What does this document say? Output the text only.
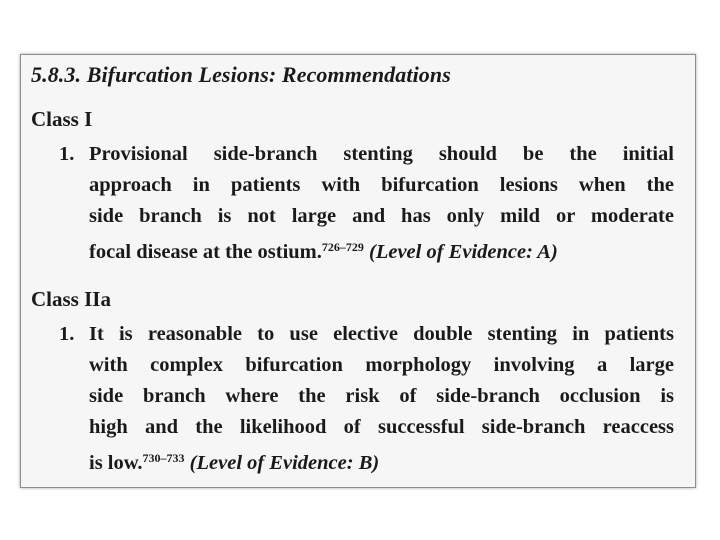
5.8.3. Bifurcation Lesions: Recommendations
Class I
1. Provisional side-branch stenting should be the initial
approach in patients with bifurcation lesions when the
side branch is not large and has only mild or moderate
focal disease at the ostium.$^{726-729}$ (Level of Evidence: A)
Class IIa
1. It is reasonable to use elective double stenting in patients
with complex bifurcation morphology involving a large
side branch where the risk of side-branch occlusion is
high and the likelihood of successful side-branch reaccess
is low.$^{730-733}$ (Level of Evidence: B)
